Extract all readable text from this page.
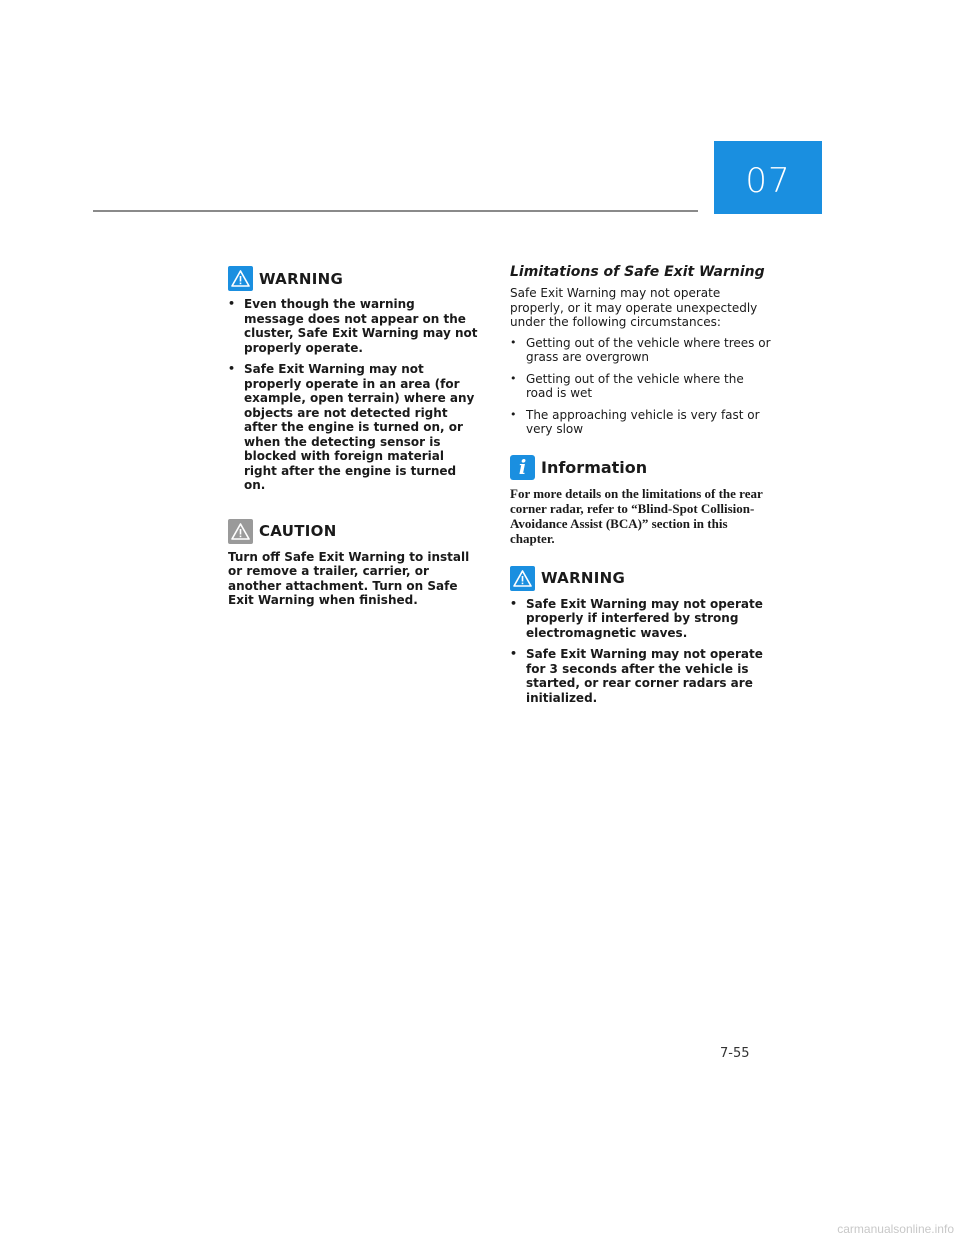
07
WARNING
• Even though the warning message does not appear on the cluster, Safe Exit Warning may not properly operate.
• Safe Exit Warning may not properly operate in an area (for example, open terrain) where any objects are not detected right after the engine is turned on, or when the detecting sensor is blocked with foreign material right after the engine is turned on.
CAUTION

Turn off Safe Exit Warning to install or remove a trailer, carrier, or another attachment. Turn on Safe Exit Warning when finished.

Limitations of Safe Exit Warning

Safe Exit Warning may not operate properly, or it may operate unexpectedly under the following circumstances:

• Getting out of the vehicle where trees or grass are overgrown
• Getting out of the vehicle where the road is wet
• The approaching vehicle is very fast or very slow
i Information

For more details on the limitations of the rear corner radar, refer to “Blind-Spot Collision-Avoidance Assist (BCA)” section in this chapter.

WARNING
• Safe Exit Warning may not operate properly if interfered by strong electromagnetic waves.
• Safe Exit Warning may not operate for 3 seconds after the vehicle is started, or rear corner radars are initialized.
7-55
carmanualsonline.info
